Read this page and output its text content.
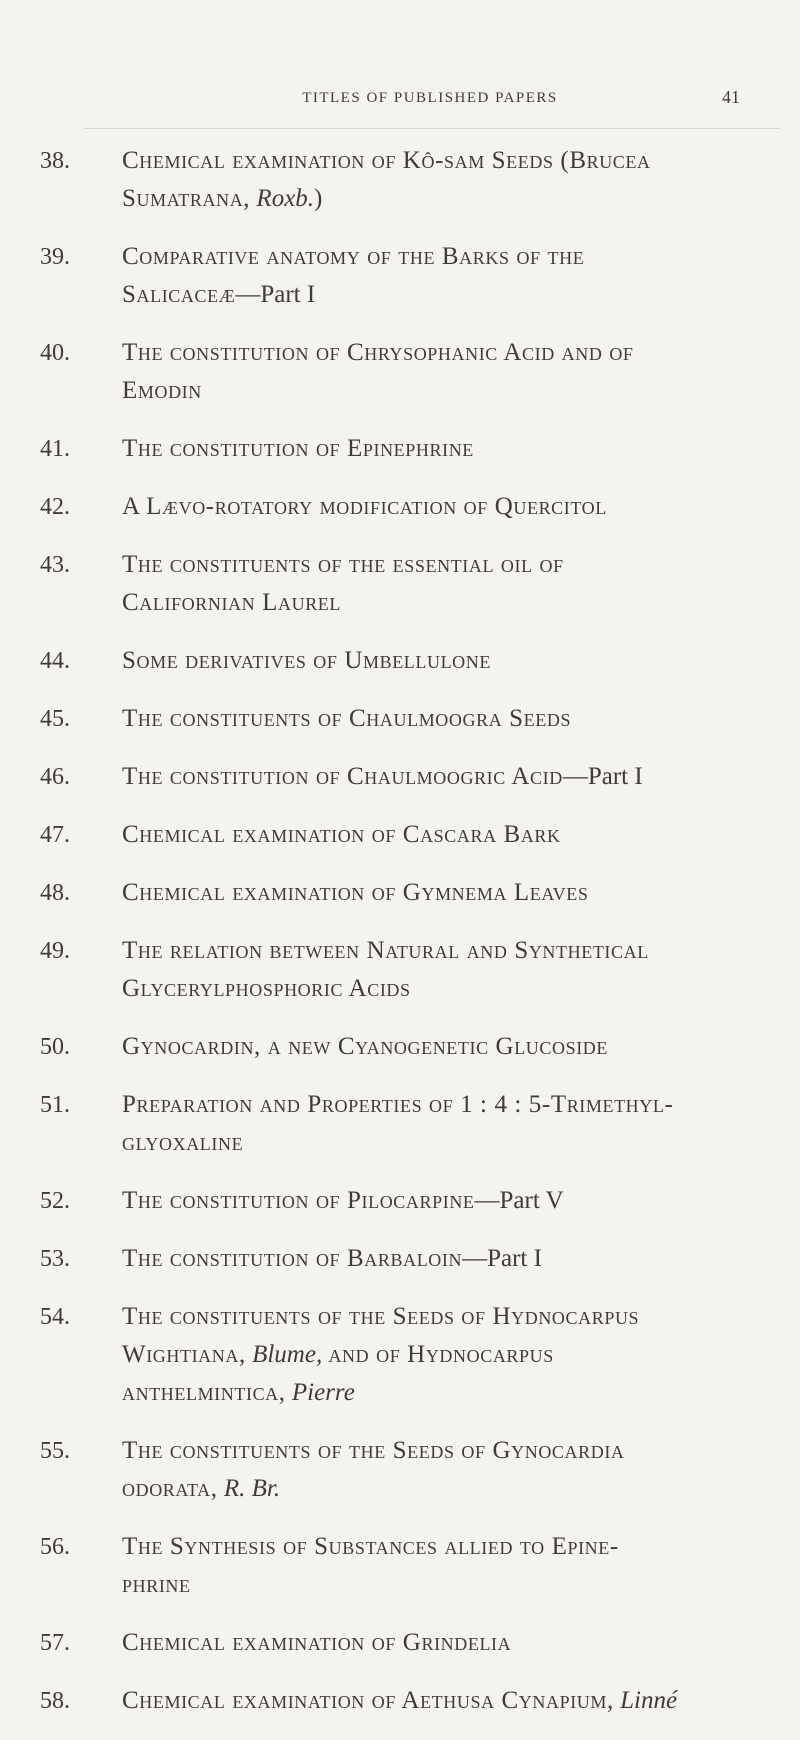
TITLES OF PUBLISHED PAPERS	41
38.	Chemical examination of Kô-sam Seeds (Brucea
Sumatrana, Roxb.)
39.	Comparative anatomy of the Barks of the
Salicaceæ—Part I
40.	The constitution of Chrysophanic Acid and of
Emodin
41.	The constitution of Epinephrine
42.	A Lævo-rotatory modification of Quercitol
43.	The constituents of the essential oil of
Californian Laurel
44.	Some derivatives of Umbellulone
45.	The constituents of Chaulmoogra Seeds
46.	The constitution of Chaulmoogric Acid—Part I
47.	Chemical examination of Cascara Bark
48.	Chemical examination of Gymnema Leaves
49.	The relation between Natural and Synthetical
Glycerylphosphoric Acids
50.	Gynocardin, a new Cyanogenetic Glucoside
51.	Preparation and Properties of 1 : 4 : 5-Trimethyl-
glyoxaline
52.	The constitution of Pilocarpine—Part V
53.	The constitution of Barbaloin—Part I
54.	The constituents of the Seeds of Hydnocarpus
Wightiana, Blume, and of Hydnocarpus
anthelmintica, Pierre
55.	The constituents of the Seeds of Gynocardia
odorata, R. Br.
56.	The Synthesis of Substances allied to Epine-
phrine
57.	Chemical examination of Grindelia
58.	Chemical examination of Aethusa Cynapium, Linné
